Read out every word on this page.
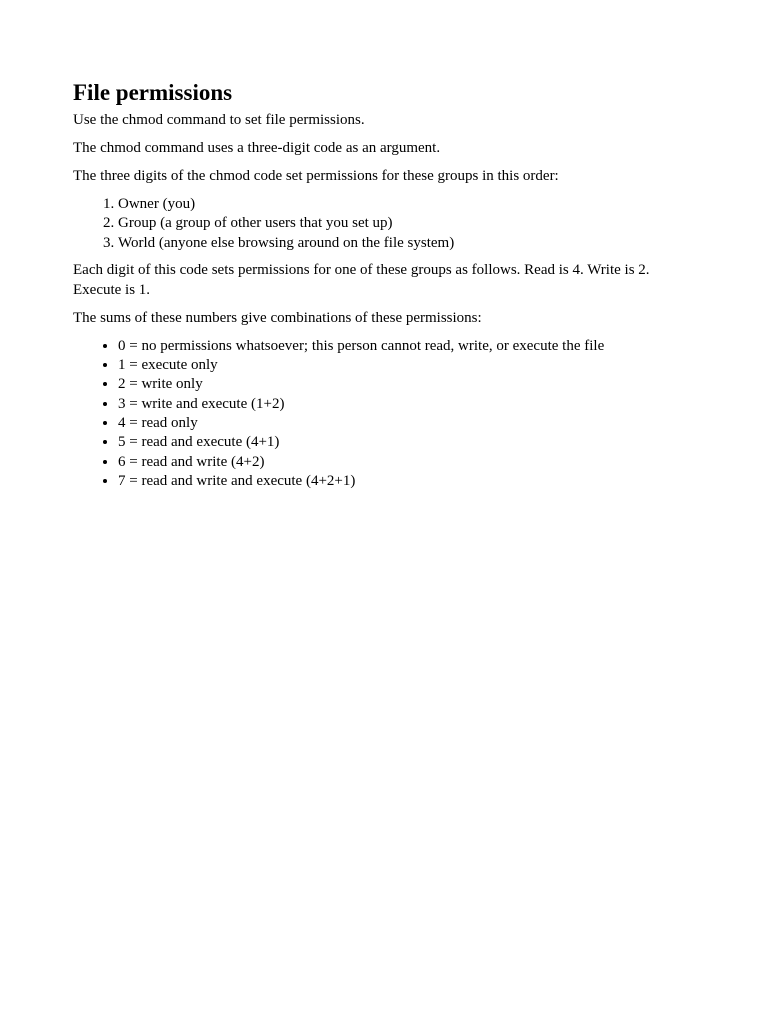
File permissions

Use the chmod command to set file permissions.

The chmod command uses a three-digit code as an argument.

The three digits of the chmod code set permissions for these groups in this order:

1. Owner (you)
2. Group (a group of other users that you set up)
3. World (anyone else browsing around on the file system)

Each digit of this code sets permissions for one of these groups as follows. Read is 4. Write is 2. Execute is 1.

The sums of these numbers give combinations of these permissions:

• 0 = no permissions whatsoever; this person cannot read, write, or execute the file
• 1 = execute only
• 2 = write only
• 3 = write and execute (1+2)
• 4 = read only
• 5 = read and execute (4+1)
• 6 = read and write (4+2)
• 7 = read and write and execute (4+2+1)
